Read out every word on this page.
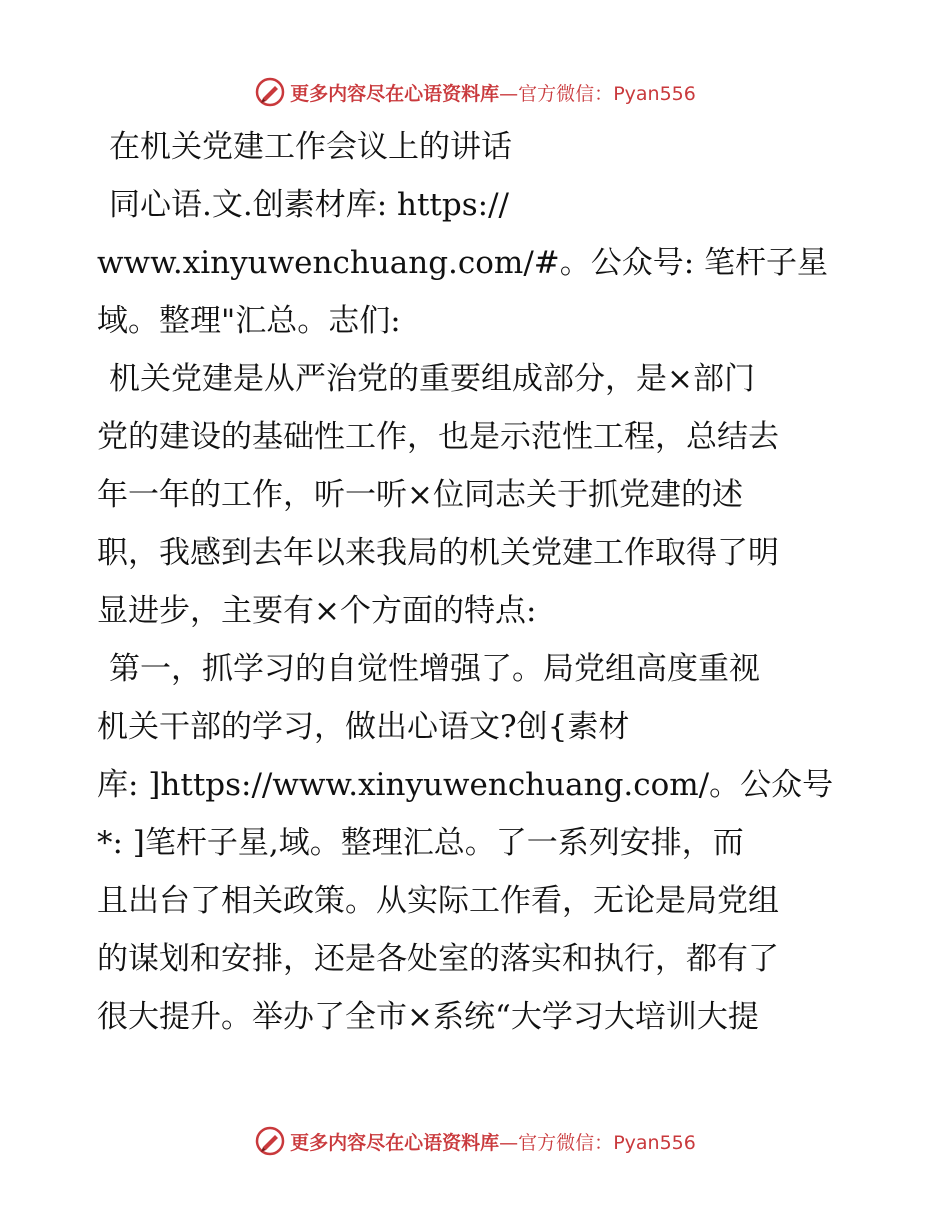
更多内容尽在心语资料库—官方微信：Pyan556
在机关党建工作会议上的讲话
同心语.文.创素材库: https://
www.xinyuwenchuang.com/#。公众号: 笔杆子星
域。整理"汇总。志们:
机关党建是从严治党的重要组成部分，是×部门
党的建设的基础性工作，也是示范性工程，总结去
年一年的工作，听一听×位同志关于抓党建的述
职，我感到去年以来我局的机关党建工作取得了明
显进步，主要有×个方面的特点:
第一，抓学习的自觉性增强了。局党组高度重视
机关干部的学习，做出心语文?创{素材
库: ]https://www.xinyuwenchuang.com/。公众号
*: ]笔杆子星,域。整理汇总。了一系列安排，而
且出台了相关政策。从实际工作看，无论是局党组
的谋划和安排，还是各处室的落实和执行，都有了
很大提升。举办了全市×系统“大学习大培训大提
更多内容尽在心语资料库—官方微信：Pyan556
